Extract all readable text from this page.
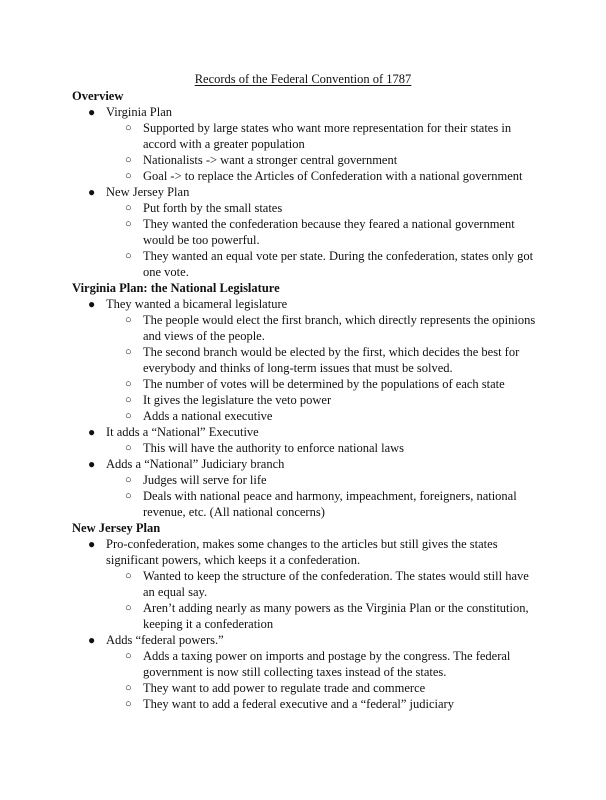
Records of the Federal Convention of 1787
Overview
● Virginia Plan
○ Supported by large states who want more representation for their states in accord with a greater population
○ Nationalists -> want a stronger central government
○ Goal -> to replace the Articles of Confederation with a national government
● New Jersey Plan
○ Put forth by the small states
○ They wanted the confederation because they feared a national government would be too powerful.
○ They wanted an equal vote per state. During the confederation, states only got one vote.
Virginia Plan: the National Legislature
● They wanted a bicameral legislature
○ The people would elect the first branch, which directly represents the opinions and views of the people.
○ The second branch would be elected by the first, which decides the best for everybody and thinks of long-term issues that must be solved.
○ The number of votes will be determined by the populations of each state
○ It gives the legislature the veto power
○ Adds a national executive
● It adds a “National” Executive
○ This will have the authority to enforce national laws
● Adds a “National” Judiciary branch
○ Judges will serve for life
○ Deals with national peace and harmony, impeachment, foreigners, national revenue, etc. (All national concerns)
New Jersey Plan
● Pro-confederation, makes some changes to the articles but still gives the states significant powers, which keeps it a confederation.
○ Wanted to keep the structure of the confederation. The states would still have an equal say.
○ Aren’t adding nearly as many powers as the Virginia Plan or the constitution, keeping it a confederation
● Adds “federal powers.”
○ Adds a taxing power on imports and postage by the congress. The federal government is now still collecting taxes instead of the states.
○ They want to add power to regulate trade and commerce
○ They want to add a federal executive and a “federal” judiciary
